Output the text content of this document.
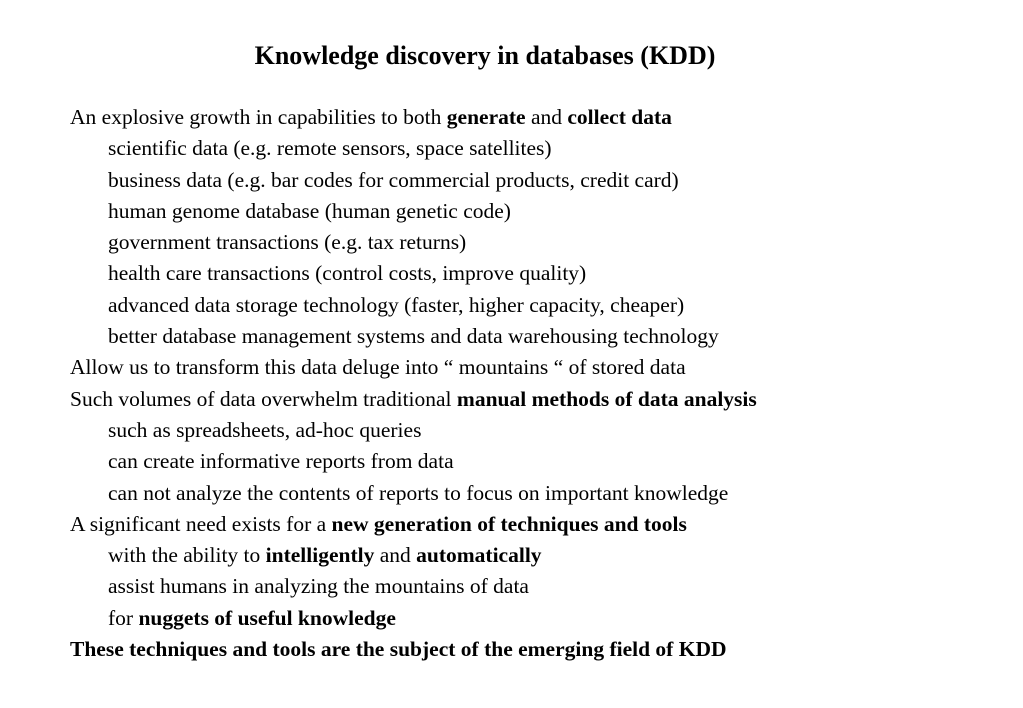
Knowledge discovery in databases (KDD)
An explosive growth in capabilities to both generate and collect data
scientific data (e.g. remote sensors, space satellites)
business data (e.g. bar codes for commercial products, credit card)
human genome database (human genetic code)
government transactions (e.g. tax returns)
health care transactions (control costs, improve quality)
advanced data storage technology (faster, higher capacity, cheaper)
better database management systems and data warehousing technology
Allow us to transform this data deluge into “ mountains “ of stored data
Such volumes of data overwhelm traditional manual methods of data analysis
such as spreadsheets, ad-hoc queries
can create informative reports from data
can not analyze the contents of reports to focus on important knowledge
A significant need exists for a new generation of techniques and tools
with the ability to intelligently and automatically
assist humans in analyzing the mountains of data
for nuggets of useful knowledge
These techniques and tools are the subject of the emerging field of KDD
